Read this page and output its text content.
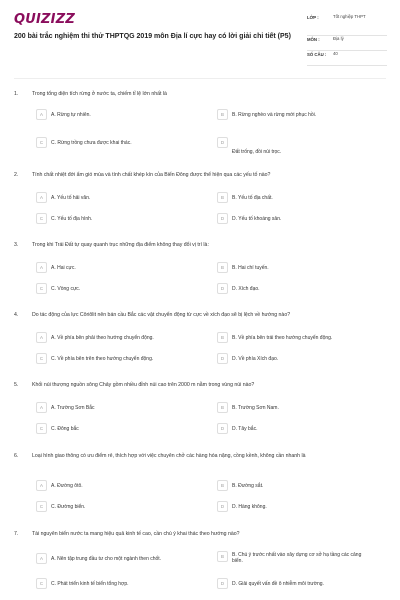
QUIZIZZ
200 bài trắc nghiệm thi thử THPTQG 2019 môn Địa lí cực hay có lời giải chi tiết (P5)
LỚP :	Tốt nghiệp THPT
MÔN :	Địa lý
SỐ CÂU :	40
1.	Trong tổng diện tích rừng ở nước ta, chiếm tỉ lệ lớn nhất là
A	A. Rừng tự nhiên.	B	B. Rừng nghèo và rừng mới phục hồi.
C	C. Rừng trồng chưa được khai thác.	D
Đất trống, đồi núi trọc.
2.	Tính chất nhiệt đới ẩm gió mùa và tính chất khép kín của Biển Đông được thể hiện qua các yếu tố nào?
A	A. Yếu tố hải văn.	B	B. Yếu tố địa chất.
C	C. Yếu tố địa hình.	D	D. Yếu tố khoáng sản.
3.	Trong khi Trái Đất tự quay quanh trục những địa điểm không thay đổi vị trí là:
A	A. Hai cực.	B	B. Hai chí tuyến.
C	C. Vòng cực.	D	D. Xích đạo.
4.	Do tác động của lực Côriôlit nên bán cầu Bắc các vật chuyển động từ cực về xích đạo sẽ bị lệch về hướng nào?
A	A. Về phía bên phải theo hướng chuyển động.	B	B. Về phía bên trái theo hướng chuyển động.
C	C. Về phía bên trên theo hướng chuyển động.	D	D. Về phía Xích đạo.
5.	Khối núi thượng nguồn sông Chảy gồm nhiều đỉnh núi cao trên 2000 m nằm trong vùng núi nào?
A	A. Trường Sơn Bắc	B	B. Trường Sơn Nam.
C	C. Đông bắc	D	D. Tây bắc.
6.	Loại hình giao thông có ưu điểm rẻ, thích hợp với việc chuyên chở các hàng hóa nặng, cồng kềnh, không cần nhanh là
A	A. Đường ôtô.	B	B. Đường sắt.
C	C. Đường biển.	D	D. Hàng không.
7.	Tài nguyên biển nước ta mang hiệu quả kinh tế cao, cần chú ý khai thác theo hướng nào?
A	A. Nên tập trung đầu tư cho một ngành then chốt.	B	B. Chú ý trước nhất vào xây dựng cơ sở hạ tầng các cảng biển.
C	C. Phát triển kinh tế biển tổng hợp.	D	D. Giải quyết vấn đề ô nhiễm môi trường.
